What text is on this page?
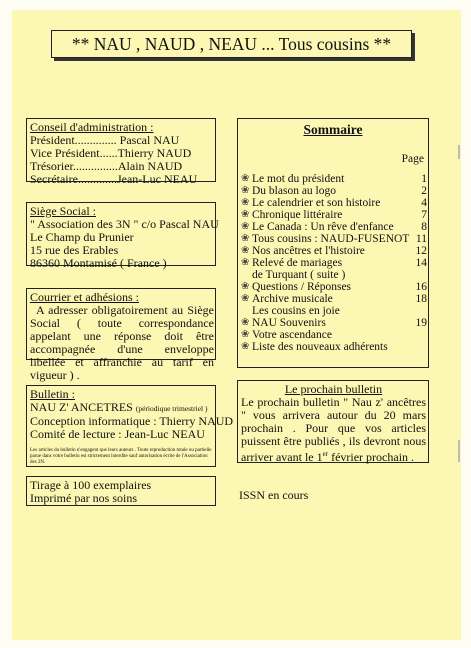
** NAU , NAUD , NEAU ... Tous cousins **
Conseil d'administration :
Président.............. Pascal NAU
Vice Président......Thierry NAUD
Trésorier...............Alain NAUD
Secrétaire.............Jean-Luc NEAU
Siège Social :
" Association des 3N " c/o Pascal NAU
Le Champ du Prunier
15 rue des Erables
86360 Montamisé ( France )
Courrier et adhésions :
A adresser obligatoirement au Siège Social ( toute correspondance appelant une réponse doit être accompagnée d'une enveloppe libellée et affranchie au tarif en vigueur ) .
Bulletin :
NAU Z' ANCETRES (périodique trimestriel )
Conception informatique : Thierry NAUD
Comité de lecture : Jean-Luc NEAU
Les articles du bulletin n'engagent que leurs auteurs . Toute reproduction totale ou partielle parue dans votre bulletin est strictement interdite sauf autorisation écrite de l'Association des 3N.
Tirage à 100 exemplaires
Imprimé par nos soins
Sommaire
Page
❀ Le mot du président	1
❀ Du blason au logo	2
❀ Le calendrier et son histoire	4
❀ Chronique littéraire	7
❀ Le Canada : Un rêve d'enfance 8
❀ Tous cousins : NAUD-FUSENOT 11
❀ Nos ancêtres et l'histoire	12
❀ Relevé de mariages	14
de Turquant ( suite )
❀ Questions / Réponses	16
❀ Archive musicale	18
Les cousins en joie
❀ NAU Souvenirs	19
❀ Votre ascendance
❀ Liste des nouveaux adhérents
Le prochain bulletin
Le prochain bulletin " Nau z' ancêtres " vous arrivera autour du 20 mars prochain . Pour que vos articles puissent être publiés , ils devront nous arriver avant le 1er février prochain .
ISSN en cours
